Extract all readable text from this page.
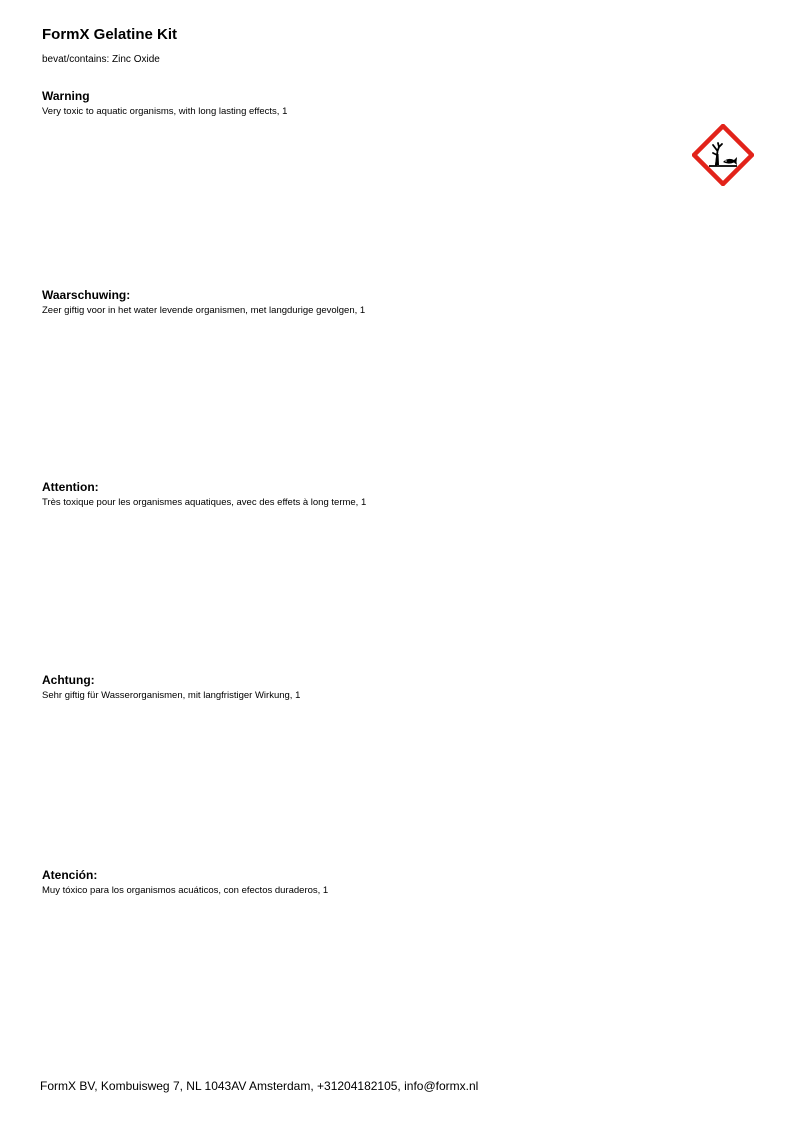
FormX Gelatine Kit

bevat/contains: Zinc Oxide

Warning

Very toxic to aquatic organisms, with long lasting effects, 1

Waarschuwing:

Zeer giftig voor in het water levende organismen, met langdurige gevolgen, 1

Attention:

Très toxique pour les organismes aquatiques, avec des effets à long terme, 1

Achtung:

Sehr giftig für Wasserorganismen, mit langfristiger Wirkung, 1

Atención:

Muy tóxico para los organismos acuáticos, con efectos duraderos, 1

FormX BV, Kombuisweg 7, NL 1043AV Amsterdam, +31204182105, info@formx.nl
